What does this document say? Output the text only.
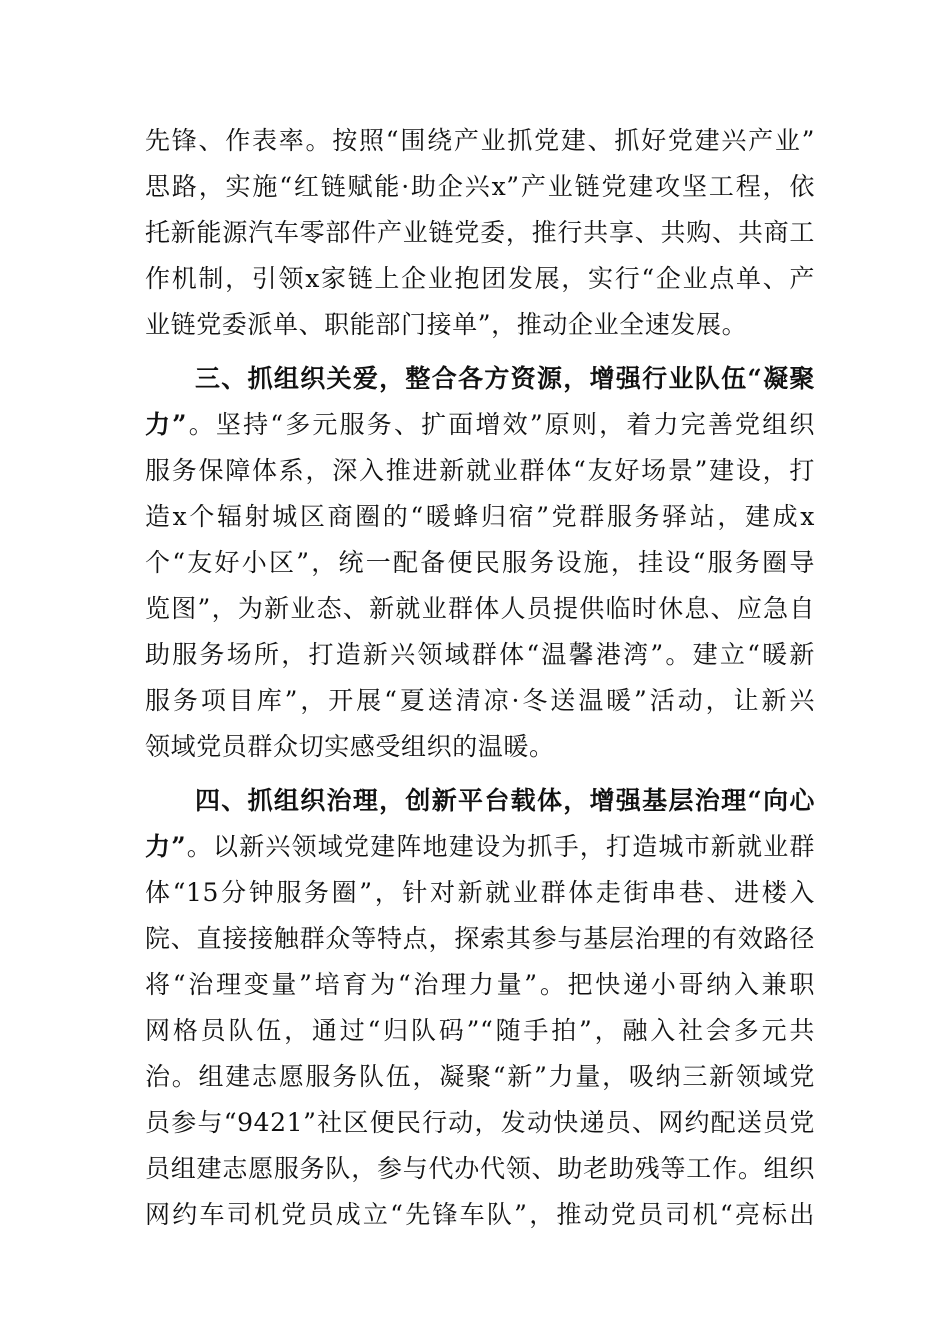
先锋、作表率。按照“围绕产业抓党建、抓好党建兴产业”
思路，实施“红链赋能·助企兴x”产业链党建攻坚工程，依
托新能源汽车零部件产业链党委，推行共享、共购、共商工
作机制，引领x家链上企业抱团发展，实行“企业点单、产
业链党委派单、职能部门接单”，推动企业全速发展。
三、抓组织关爱，整合各方资源，增强行业队伍“凝聚
力”。坚持“多元服务、扩面增效”原则，着力完善党组织
服务保障体系，深入推进新就业群体“友好场景”建设，打
造x个辐射城区商圈的“暖蜂归宿”党群服务驿站，建成x
个“友好小区”，统一配备便民服务设施，挂设“服务圈导
览图”，为新业态、新就业群体人员提供临时休息、应急自
助服务场所，打造新兴领域群体“温馨港湾”。建立“暖新
服务项目库”，开展“夏送清凉·冬送温暖”活动，让新兴
领域党员群众切实感受组织的温暖。
四、抓组织治理，创新平台载体，增强基层治理“向心
力”。以新兴领域党建阵地建设为抓手，打造城市新就业群
体“15分钟服务圈”，针对新就业群体走街串巷、进楼入
院、直接接触群众等特点，探索其参与基层治理的有效路径
将“治理变量”培育为“治理力量”。把快递小哥纳入兼职
网格员队伍，通过“归队码”“随手拍”，融入社会多元共
治。组建志愿服务队伍，凝聚“新”力量，吸纳三新领域党
员参与“9421”社区便民行动，发动快递员、网约配送员党
员组建志愿服务队，参与代办代领、助老助残等工作。组织
网约车司机党员成立“先锋车队”，推动党员司机“亮标出
